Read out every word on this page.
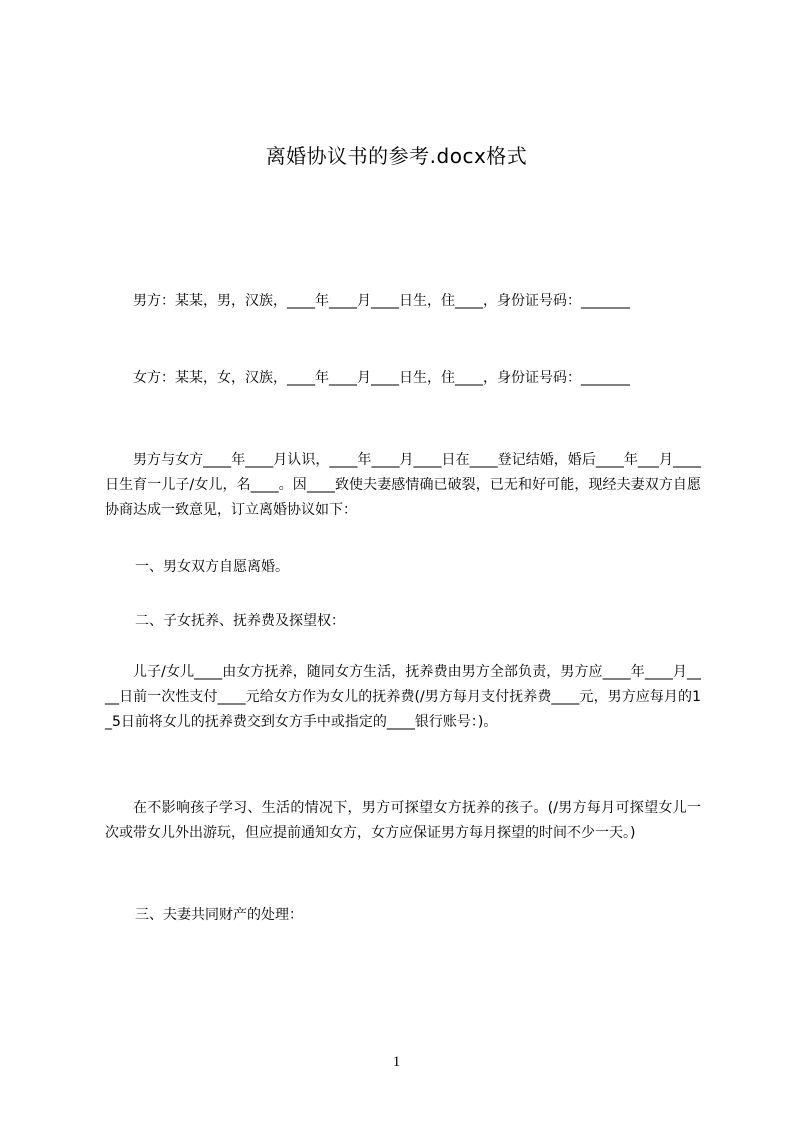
离婚协议书的参考.docx格式
男方：某某，男，汉族，____年____月____日生，住____，身份证号码：_______
女方：某某，女，汉族，____年____月____日生，住____，身份证号码：_______
男方与女方____年____月认识，____年____月____日在____登记结婚，婚后____年___月____日生育一儿子/女儿，名____。因____致使夫妻感情确已破裂，已无和好可能，现经夫妻双方自愿协商达成一致意见，订立离婚协议如下：
一、男女双方自愿离婚。
二、子女抚养、抚养费及探望权：
儿子/女儿____由女方抚养，随同女方生活，抚养费由男方全部负责，男方应____年____月____日前一次性支付____元给女方作为女儿的抚养费(/男方每月支付抚养费____元，男方应每月的1_5日前将女儿的抚养费交到女方手中或指定的____银行账号：)。
在不影响孩子学习、生活的情况下，男方可探望女方抚养的孩子。(/男方每月可探望女儿一次或带女儿外出游玩，但应提前通知女方，女方应保证男方每月探望的时间不少一天。)
三、夫妻共同财产的处理：
1
